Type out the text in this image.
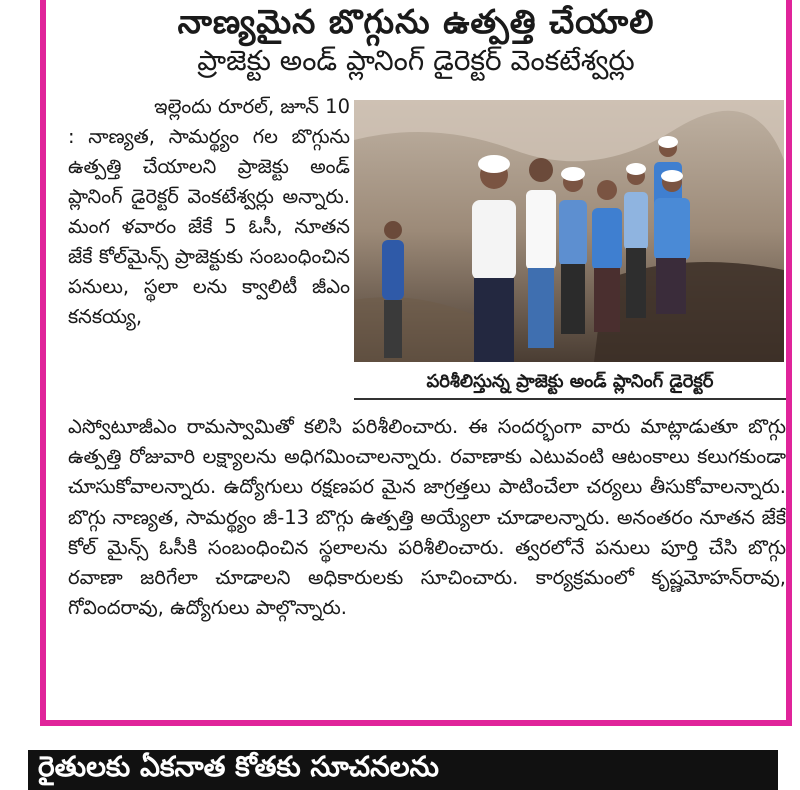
నాణ్యమైన బొగ్గును ఉత్పత్తి చేయాలి
ప్రాజెక్టు అండ్ ప్లానింగ్ డైరెక్టర్ వెంకటేశ్వర్లు

ఇల్లెందు రూరల్, జూన్ 10

: నాణ్యత, సామర్థ్యం గల బొగ్గును ఉత్పత్తి చేయాలని ప్రాజెక్టు అండ్ ప్లానింగ్ డైరెక్టర్ వెంకటేశ్వర్లు అన్నారు. మంగ ళవారం జేకే 5 ఓసీ, నూతన జేకే కోల్‌మైన్స్ ప్రాజెక్టుకు సంబంధించిన పనులు, స్థలా లను క్వాలిటీ జీఎం కనకయ్య,

పరిశీలిస్తున్న ప్రాజెక్టు అండ్ ప్లానింగ్ డైరెక్టర్
ఎస్వోటూజీఎం రామస్వామితో కలిసి పరిశీలించారు. ఈ సందర్భంగా వారు మాట్లాడుతూ బొగ్గు ఉత్పత్తి రోజువారి లక్ష్యాలను అధిగమించాలన్నారు. రవాణాకు ఎటువంటి ఆటంకాలు కలుగకుండా చూసుకోవాలన్నారు. ఉద్యోగులు రక్షణపర మైన జాగ్రత్తలు పాటించేలా చర్యలు తీసుకోవాలన్నారు. బొగ్గు నాణ్యత, సామర్థ్యం జీ-13 బొగ్గు ఉత్పత్తి అయ్యేలా చూడాలన్నారు. అనంతరం నూతన జేకే కోల్ మైన్స్ ఓసీకి సంబంధించిన స్థలాలను పరిశీలించారు. త్వరలోనే పనులు పూర్తి చేసి బొగ్గు రవాణా జరిగేలా చూడాలని అధికారులకు సూచించారు. కార్యక్రమంలో కృష్ణమోహన్‌రావు, గోవిందరావు, ఉద్యోగులు పాల్గొన్నారు.
రైతులకు ఏకనాత కోతకు సూచనలను
